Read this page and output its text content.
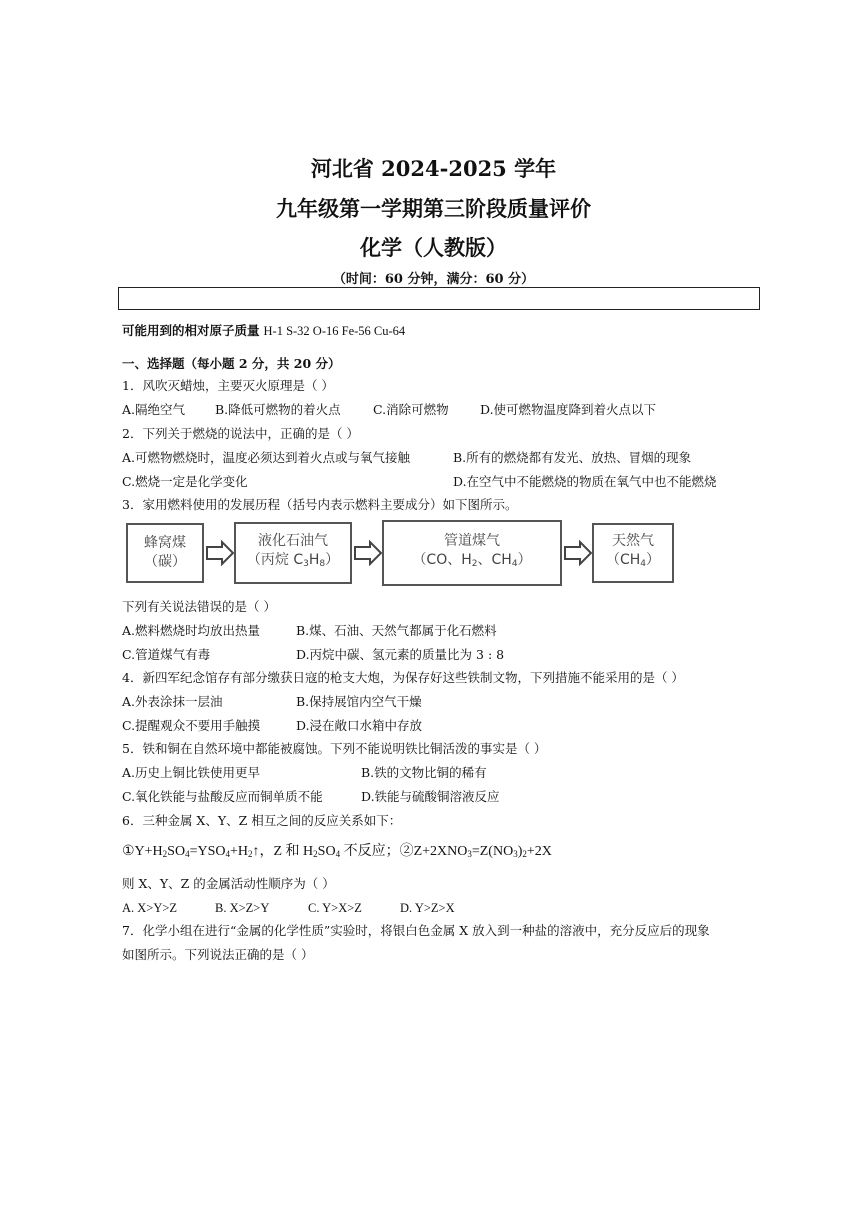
河北省 2024-2025 学年
九年级第一学期第三阶段质量评价
化学（人教版）
（时间：60 分钟，满分：60 分）
可能用到的相对原子质量 H-1 S-32 O-16 Fe-56 Cu-64
一、选择题（每小题 2 分，共 20 分）
1．风吹灭蜡烛，主要灭火原理是（ ）
A.隔绝空气 B.降低可燃物的着火点	C.消除可燃物	D.使可燃物温度降到着火点以下
2．下列关于燃烧的说法中，正确的是（ ）
A.可燃物燃烧时，温度必须达到着火点或与氧气接触	B.所有的燃烧都有发光、放热、冒烟的现象
C.燃烧一定是化学变化	D.在空气中不能燃烧的物质在氧气中也不能燃烧
3．家用燃料使用的发展历程（括号内表示燃料主要成分）如下图所示。
蜂窝煤
（碳）
液化石油气
（丙烷 $C_3H_8$）
管道煤气
（CO、$H_2$、$CH_4$）
天然气
$(CH_4)$
下列有关说法错误的是（ ）
A.燃料燃烧时均放出热量	B.煤、石油、天然气都属于化石燃料
C.管道煤气有毒	D.丙烷中碳、氢元素的质量比为 3 : 8
4．新四军纪念馆存有部分缴获日寇的枪支大炮，为保存好这些铁制文物，下列措施不能采用的是（ ）
A.外表涂抹一层油	B.保持展馆内空气干燥
C.提醒观众不要用手触摸	D.浸在敞口水箱中存放
5．铁和铜在自然环境中都能被腐蚀。下列不能说明铁比铜活泼的事实是（ ）
A.历史上铜比铁使用更早	B.铁的文物比铜的稀有
C.氧化铁能与盐酸反应而铜单质不能	D.铁能与硫酸铜溶液反应
6．三种金属 X、Y、Z 相互之间的反应关系如下：
$①Y+H_2SO_4=YSO_4+H_2↑$，Z 和 $H_2SO_4$ 不反应；$②Z+2XNO_3=Z(NO_3)_2+2X$
则 X、Y、Z 的金属活动性顺序为（ ）
A. X>Y>Z	B. X>Z>Y	C. Y>X>Z	D. Y>Z>X
7．化学小组在进行“金属的化学性质”实验时，将银白色金属 X 放入到一种盐的溶液中，充分反应后的现象
如图所示。下列说法正确的是（ ）
